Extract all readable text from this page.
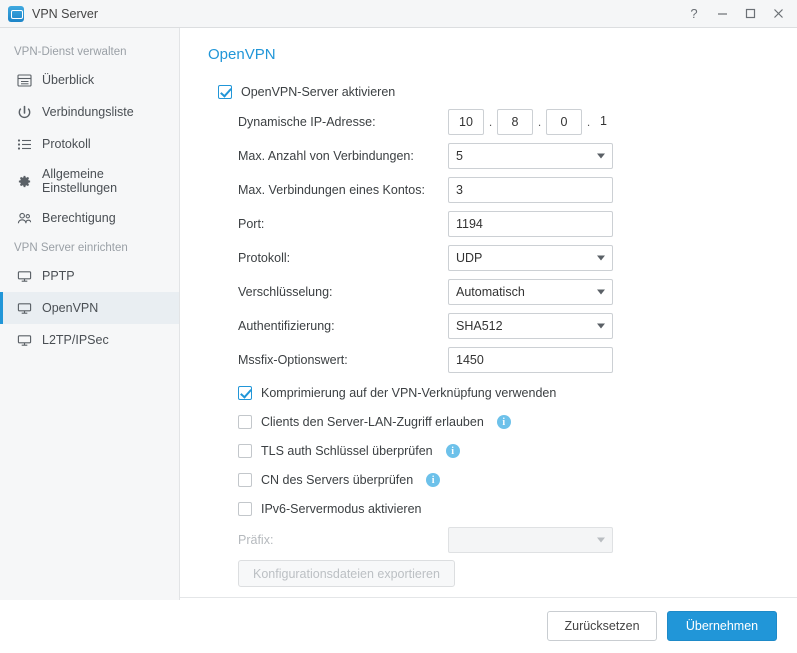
VPN Server	?
VPN-Dienst verwalten
Überblick
Verbindungsliste
Protokoll
Allgemeine Einstellungen
Berechtigung
VPN Server einrichten
PPTP
OpenVPN
L2TP/IPSec
OpenVPN
OpenVPN-Server aktivieren
Dynamische IP-Adresse:	10	.	8	.	0	. 1
Max. Anzahl von Verbindungen:	5
Max. Verbindungen eines Kontos:	3
Port:	1194
Protokoll:	UDP
Verschlüsselung:	Automatisch
Authentifizierung:	SHA512
Mssfix-Optionswert:	1450
Komprimierung auf der VPN-Verknüpfung verwenden
Clients den Server-LAN-Zugriff erlauben	i
TLS auth Schlüssel überprüfen	i
CN des Servers überprüfen	i
IPv6-Servermodus aktivieren
Präfix:
Konfigurationsdateien exportieren
Zurücksetzen	Übernehmen
